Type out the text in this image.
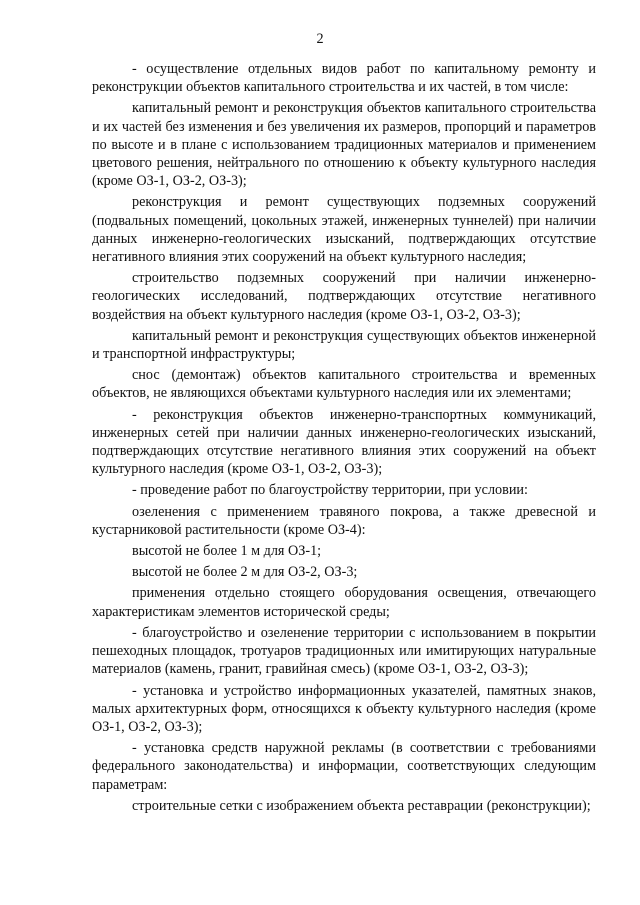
2

- осуществление отдельных видов работ по капитальному ремонту и реконструкции объектов капитального строительства и их частей, в том числе:

капитальный ремонт и реконструкция объектов капитального строительства и их частей без изменения и без увеличения их размеров, пропорций и параметров по высоте и в плане с использованием традиционных материалов и применением цветового решения, нейтрального по отношению к объекту культурного наследия (кроме ОЗ-1, ОЗ-2, ОЗ-3);

реконструкция и ремонт существующих подземных сооружений (подвальных помещений, цокольных этажей, инженерных туннелей) при наличии данных инженерно-геологических изысканий, подтверждающих отсутствие негативного влияния этих сооружений на объект культурного наследия;

строительство подземных сооружений при наличии инженерно-геологических исследований, подтверждающих отсутствие негативного воздействия на объект культурного наследия (кроме ОЗ-1, ОЗ-2, ОЗ-3);

капитальный ремонт и реконструкция существующих объектов инженерной и транспортной инфраструктуры;

снос (демонтаж) объектов капитального строительства и временных объектов, не являющихся объектами культурного наследия или их элементами;

- реконструкция объектов инженерно-транспортных коммуникаций, инженерных сетей при наличии данных инженерно-геологических изысканий, подтверждающих отсутствие негативного влияния этих сооружений на объект культурного наследия (кроме ОЗ-1, ОЗ-2, ОЗ-3);

- проведение работ по благоустройству территории, при условии:

озеленения с применением травяного покрова, а также древесной и кустарниковой растительности (кроме ОЗ-4):

высотой не более 1 м для ОЗ-1;

высотой не более 2 м для ОЗ-2, ОЗ-3;

применения отдельно стоящего оборудования освещения, отвечающего характеристикам элементов исторической среды;

- благоустройство и озеленение территории с использованием в покрытии пешеходных площадок, тротуаров традиционных или имитирующих натуральные материалов (камень, гранит, гравийная смесь) (кроме ОЗ-1, ОЗ-2, ОЗ-3);

- установка и устройство информационных указателей, памятных знаков, малых архитектурных форм, относящихся к объекту культурного наследия (кроме ОЗ-1, ОЗ-2, ОЗ-3);

- установка средств наружной рекламы (в соответствии с требованиями федерального законодательства) и информации, соответствующих следующим параметрам:

строительные сетки с изображением объекта реставрации (реконструкции);
